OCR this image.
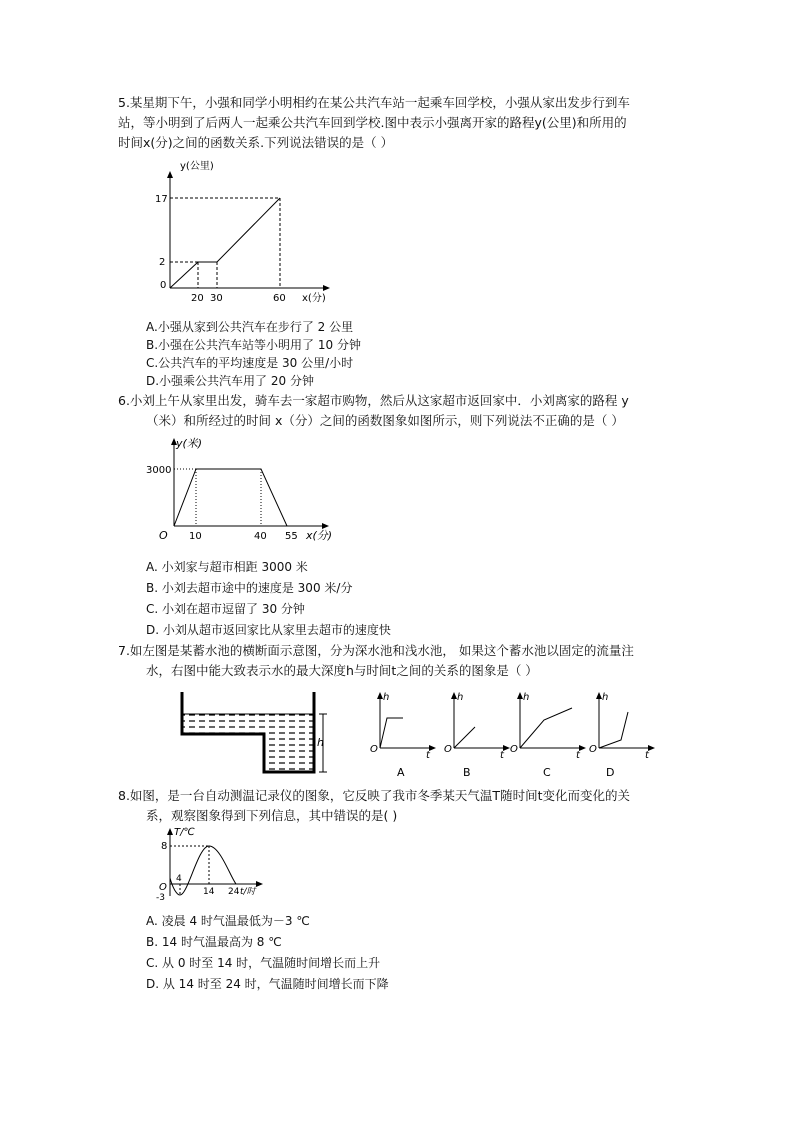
5.某星期下午，小强和同学小明相约在某公共汽车站一起乘车回学校，小强从家出发步行到车
站，等小明到了后两人一起乘公共汽车回到学校.图中表示小强离开家的路程y(公里)和所用的
时间x(分)之间的函数关系.下列说法错误的是（ ）
y(公里)
17
2
0
20 30	60 x(分)
A.小强从家到公共汽车在步行了 2 公里
B.小强在公共汽车站等小明用了 10 分钟
C.公共汽车的平均速度是 30 公里/小时
D.小强乘公共汽车用了 20 分钟
6.小刘上午从家里出发，骑车去一家超市购物，然后从这家超市返回家中．小刘离家的路程 y
（米）和所经过的时间 x（分）之间的函数图象如图所示，则下列说法不正确的是（ ）
y(米)
3000
O 10	40 55 x(分)
A. 小刘家与超市相距 3000 米
B. 小刘去超市途中的速度是 300 米/分
C. 小刘在超市逗留了 30 分钟
D. 小刘从超市返回家比从家里去超市的速度快
7.如左图是某蓄水池的横断面示意图，分为深水池和浅水池， 如果这个蓄水池以固定的流量注
水，右图中能大致表示水的最大深度h与时间t之间的关系的图象是（ ）
h
h
O
t
A
h
O
t
B
h
O
t
C
h
O
t
D
8.如图，是一台自动测温记录仪的图象，它反映了我市冬季某天气温T随时间t变化而变化的关
系，观察图象得到下列信息，其中错误的是( )
T/℃
8
-3
O
4
14 24 t/时
A. 凌晨 4 时气温最低为－3 ℃
B. 14 时气温最高为 8 ℃
C. 从 0 时至 14 时，气温随时间增长而上升
D. 从 14 时至 24 时，气温随时间增长而下降
